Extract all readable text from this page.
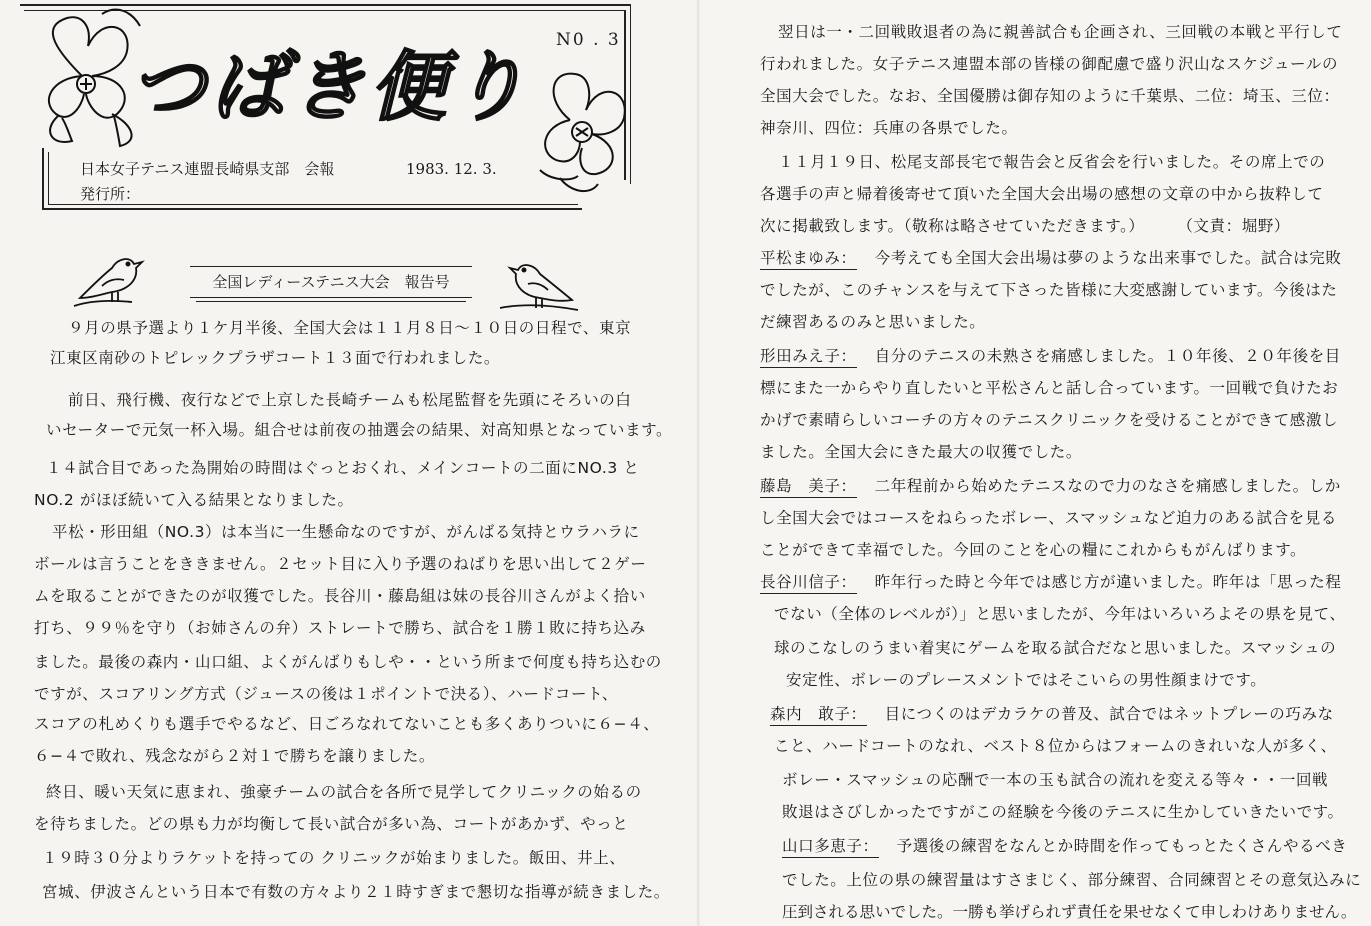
つばき便り
N0 . 3
日本女子テニス連盟長崎県支部　会報	1983. 12. 3.
発行所：
全国レディーステニス大会　報告号
９月の県予選より１ケ月半後、全国大会は１１月８日〜１０日の日程で、東京
江東区南砂のトピレックプラザコート１３面で行われました。
前日、飛行機、夜行などで上京した長崎チームも松尾監督を先頭にそろいの白
いセーターで元気一杯入場。組合せは前夜の抽選会の結果、対高知県となっています。
１４試合目であった為開始の時間はぐっとおくれ、メインコートの二面にNO.3 と
NO.2 がほぼ続いて入る結果となりました。
平松・形田組（NO.3）は本当に一生懸命なのですが、がんばる気持とウラハラに
ボールは言うことをききません。２セット目に入り予選のねばりを思い出して２ゲー
ムを取ることができたのが収獲でした。長谷川・藤島組は妹の長谷川さんがよく拾い
打ち、９９％を守り（お姉さんの弁）ストレートで勝ち、試合を１勝１敗に持ち込み
ました。最後の森内・山口組、よくがんばりもしや・・という所まで何度も持ち込むの
ですが、スコアリング方式（ジュースの後は１ポイントで決る）、ハードコート、
スコアの札めくりも選手でやるなど、日ごろなれてないことも多くありついに６−４、
６−４で敗れ、残念ながら２対１で勝ちを譲りました。
終日、暖い天気に恵まれ、強豪チームの試合を各所で見学してクリニックの始るの
を待ちました。どの県も力が均衡して長い試合が多い為、コートがあかず、やっと
１９時３０分よりラケットを持っての クリニックが始まりました。飯田、井上、
宮城、伊波さんという日本で有数の方々より２１時すぎまで懇切な指導が続きました。
翌日は一・二回戦敗退者の為に親善試合も企画され、三回戦の本戦と平行して
行われました。女子テニス連盟本部の皆様の御配慮で盛り沢山なスケジュールの
全国大会でした。なお、全国優勝は御存知のように千葉県、二位：埼玉、三位：
神奈川、四位：兵庫の各県でした。
１１月１９日、松尾支部長宅で報告会と反省会を行いました。その席上での
各選手の声と帰着後寄せて頂いた全国大会出場の感想の文章の中から抜粋して
次に掲載致します。（敬称は略させていただきます。）　　　（文責：堀野）
平松まゆみ： 今考えても全国大会出場は夢のような出来事でした。試合は完敗
でしたが、このチャンスを与えて下さった皆様に大変感謝しています。今後はた
だ練習あるのみと思いました。
形田みえ子： 自分のテニスの未熟さを痛感しました。１０年後、２０年後を目
標にまた一からやり直したいと平松さんと話し合っています。一回戦で負けたお
かげで素晴らしいコーチの方々のテニスクリニックを受けることができて感激し
ました。全国大会にきた最大の収獲でした。
藤島　美子： 二年程前から始めたテニスなので力のなさを痛感しました。しか
し全国大会ではコースをねらったボレー、スマッシュなど迫力のある試合を見る
ことができて幸福でした。今回のことを心の糧にこれからもがんばります。
長谷川信子： 昨年行った時と今年では感じ方が違いました。昨年は「思った程
でない（全体のレベルが）」と思いましたが、今年はいろいろよその県を見て、
球のこなしのうまい着実にゲームを取る試合だなと思いました。スマッシュの
安定性、ボレーのプレースメントではそこいらの男性顔まけです。
森内　敢子： 目につくのはデカラケの普及、試合ではネットプレーの巧みな
こと、ハードコートのなれ、ベスト８位からはフォームのきれいな人が多く、
ボレー・スマッシュの応酬で一本の玉も試合の流れを変える等々・・一回戦
敗退はさびしかったですがこの経験を今後のテニスに生かしていきたいです。
山口多恵子： 予選後の練習をなんとか時間を作ってもっとたくさんやるべき
でした。上位の県の練習量はすさまじく、部分練習、合同練習とその意気込みに
圧到される思いでした。一勝も挙げられず責任を果せなくて申しわけありません。
